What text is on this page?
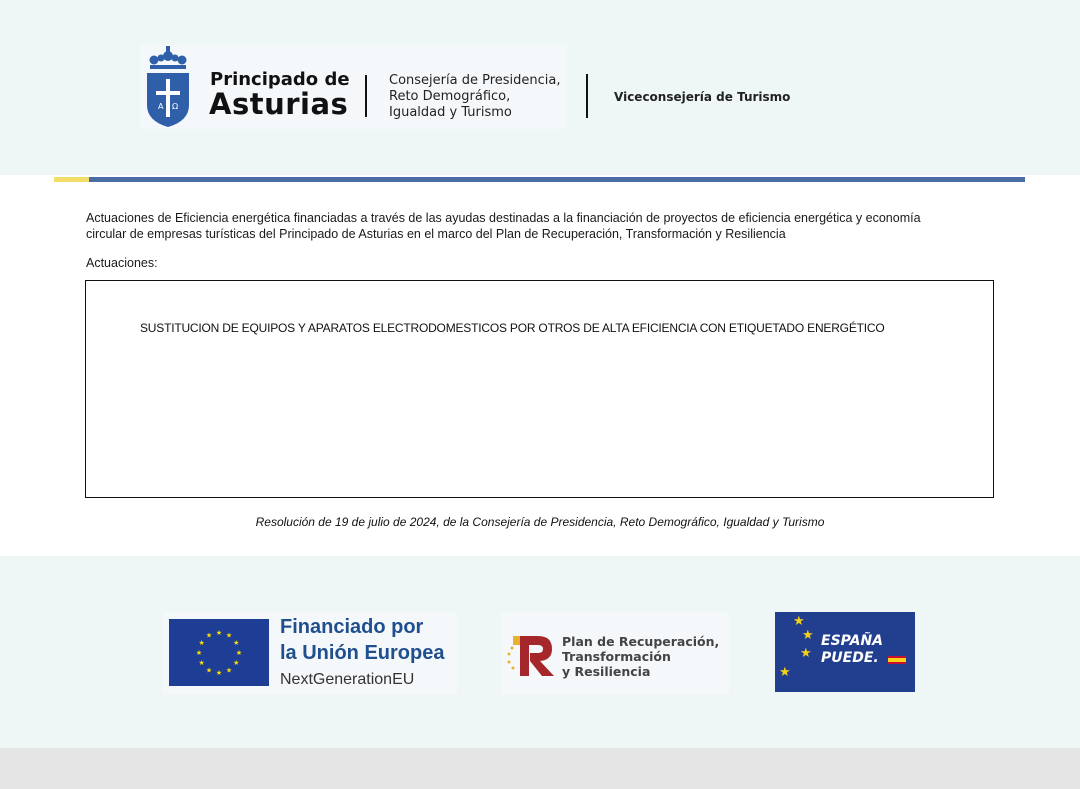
A Ω
Principado de
Asturias
Consejería de Presidencia,
Reto Demográfico,
Igualdad y Turismo
Viceconsejería de Turismo
Actuaciones de Eficiencia energética financiadas a través de las ayudas destinadas a la financiación de proyectos de eficiencia energética y economía
circular de empresas turísticas del Principado de Asturias en el marco del Plan de Recuperación, Transformación y Resiliencia
Actuaciones:
SUSTITUCION DE EQUIPOS Y APARATOS ELECTRODOMESTICOS POR OTROS DE ALTA EFICIENCIA CON ETIQUETADO ENERGÉTICO
Resolución de 19 de julio de 2024, de la Consejería de Presidencia, Reto Demográfico, Igualdad y Turismo
★ ★
★
★
★
★
★
★
★
★
★
★	Financiado por
la Unión Europea
NextGenerationEU
Plan de Recuperación,
Transformación
y Resiliencia
★
★
★
★
ESPAÑA
PUEDE.
